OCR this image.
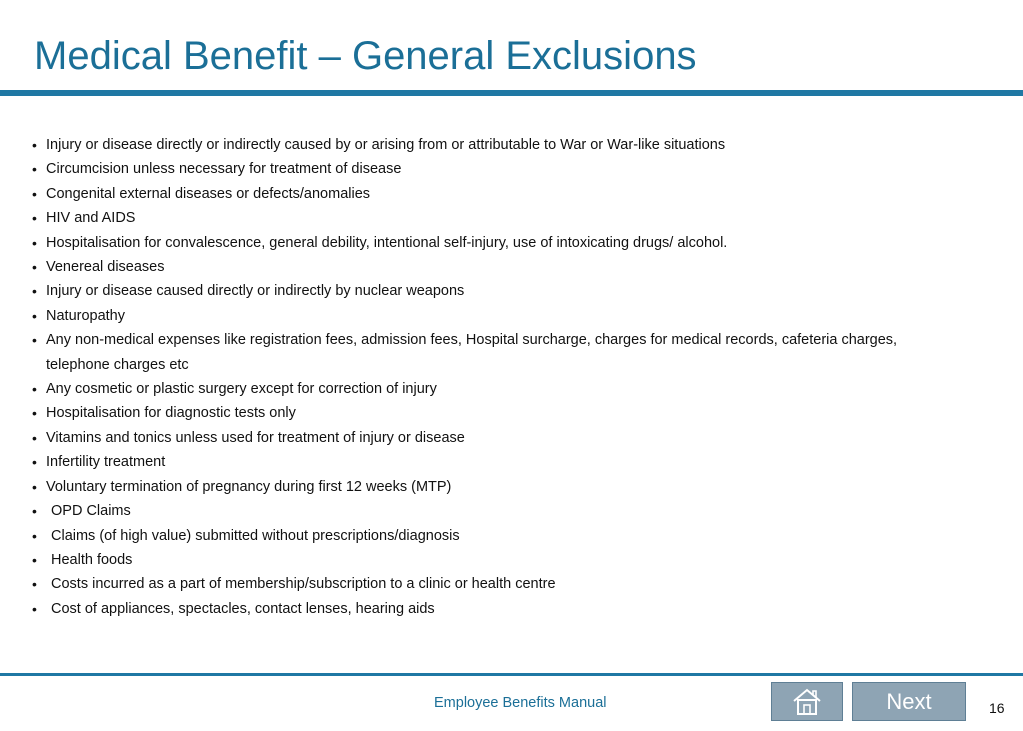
Medical Benefit – General Exclusions
• Injury or disease directly or indirectly caused by or arising from or attributable to War or War-like situations
• Circumcision unless necessary for treatment of disease
• Congenital external diseases or defects/anomalies
• HIV and AIDS
• Hospitalisation for convalescence, general debility, intentional self-injury, use of intoxicating drugs/ alcohol.
• Venereal diseases
• Injury or disease caused directly or indirectly by nuclear weapons
• Naturopathy
• Any non-medical expenses like registration fees, admission fees, Hospital surcharge, charges for medical records, cafeteria charges, telephone charges etc
• Any cosmetic or plastic surgery except for correction of injury
• Hospitalisation for diagnostic tests only
• Vitamins and tonics unless used for treatment of injury or disease
• Infertility treatment
• Voluntary termination of pregnancy during first 12 weeks (MTP)
• OPD Claims
• Claims (of high value) submitted without prescriptions/diagnosis
• Health foods
• Costs incurred as a part of membership/subscription to a clinic or health centre
• Cost of appliances, spectacles, contact lenses, hearing aids
Employee Benefits Manual	Next	16
